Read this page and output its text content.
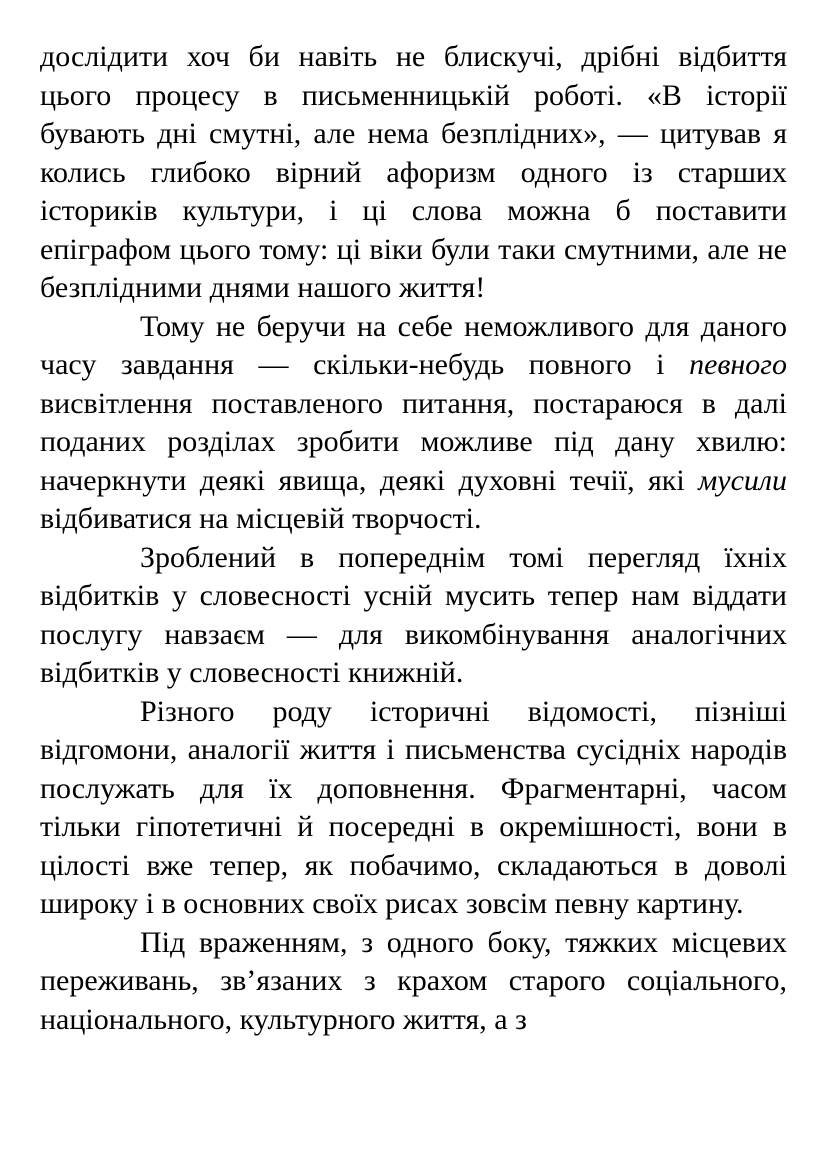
дослідити хоч би навіть не блискучі, дрібні відбиття цього процесу в письменницькій роботі. «В історії бувають дні смутні, але нема безплідних», — цитував я колись глибоко вірний афоризм одного із старших істориків культури, і ці слова можна б поставити епіграфом цього тому: ці віки були таки смутними, але не безплідними днями нашого життя!

Тому не беручи на себе неможливого для даного часу завдання — скільки-небудь повного і певного висвітлення поставленого питання, постараюся в далі поданих розділах зробити можливе під дану хвилю: начеркнути деякі явища, деякі духовні течії, які мусили відбиватися на місцевій творчості.

Зроблений в попереднім томі перегляд їхніх відбитків у словесності усній мусить тепер нам віддати послугу навзаєм — для викомбінування аналогічних відбитків у словесності книжній.

Різного роду історичні відомості, пізніші відгомони, аналогії життя і письменства сусідніх народів послужать для їх доповнення. Фрагментарні, часом тільки гіпотетичні й посередні в окремішності, вони в цілості вже тепер, як побачимо, складаються в доволі широку і в основних своїх рисах зовсім певну картину.

Під враженням, з одного боку, тяжких місцевих переживань, зв’язаних з крахом старого соціального, національного, культурного життя, а з
